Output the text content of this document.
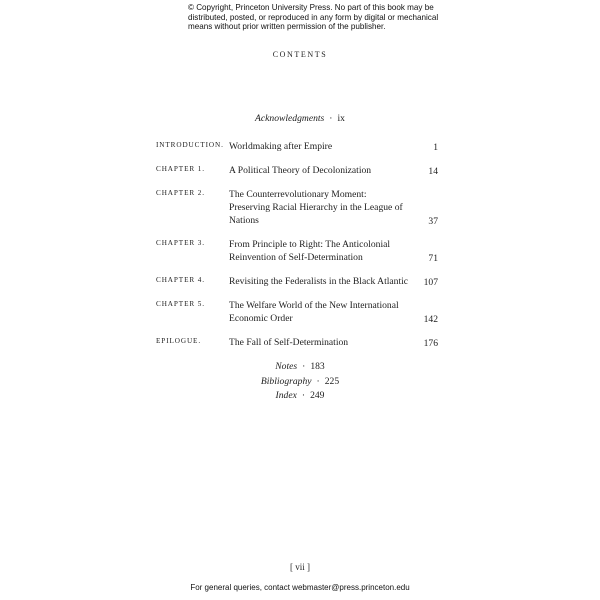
© Copyright, Princeton University Press. No part of this book may be
distributed, posted, or reproduced in any form by digital or mechanical
means without prior written permission of the publisher.
CONTENTS
Acknowledgments · ix
INTRODUCTION. Worldmaking after Empire	1
CHAPTER 1.	A Political Theory of Decolonization	14
CHAPTER 2.	The Counterrevolutionary Moment: Preserving Racial Hierarchy in the League of Nations	37
CHAPTER 3.	From Principle to Right: The Anticolonial Reinvention of Self-Determination	71
CHAPTER 4.	Revisiting the Federalists in the Black Atlantic 107
CHAPTER 5.	The Welfare World of the New International Economic Order	142
EPILOGUE.	The Fall of Self-Determination	176
Notes · 183
Bibliography · 225
Index · 249
[ vii ]
For general queries, contact webmaster@press.princeton.edu
